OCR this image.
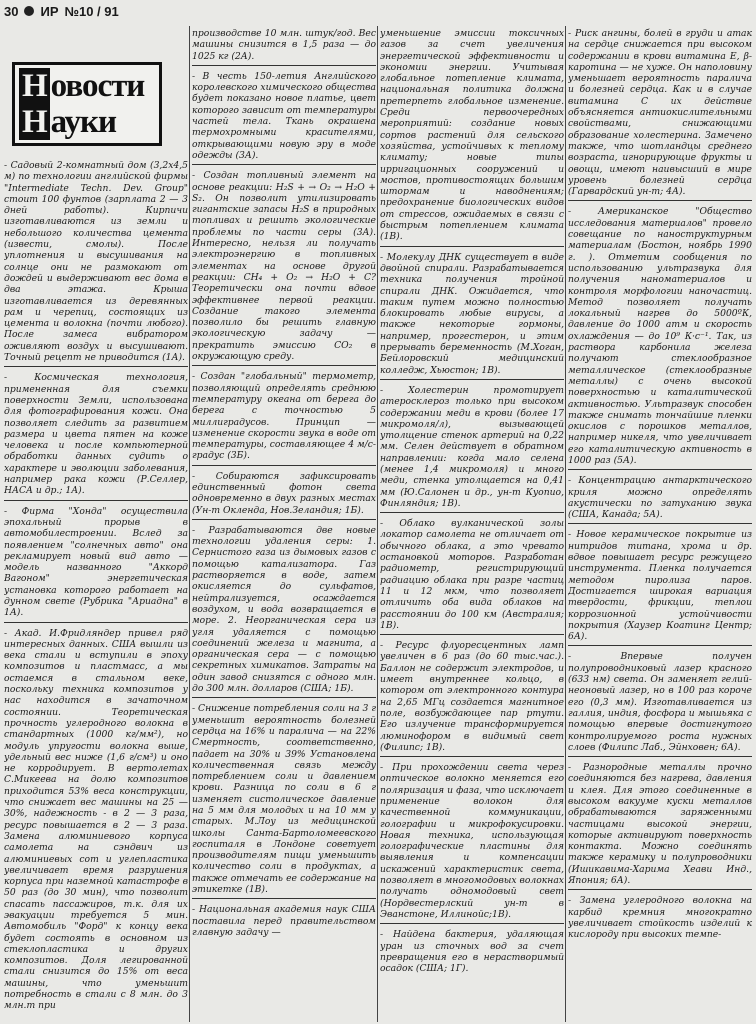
30 ИР №10 / 91
Н овости
Н ауки

- Садовый 2-комнатный дом (3,2х4,5 м) по технологии английской фирмы "Intermediate Techn. Dev. Group" стоит 100 фунтов (зарплата 2 — 3 дней работы). Кирпичи изготавливаются из земли и небольшого количества цемента (извести, смолы). После уплотнения и высушивания на солнце они не размокают от дождей и выдерживают вес дома в два этажа. Крыша изготавливается из деревянных рам и черепиц, состоящих из цемента и волокна (почти любого). После замеса вибратором оживляют воздух и высушивают. Точный рецепт не приводится (1А).

- Космическая технология, примененная для съемки поверхности Земли, использована для фотографирования кожи. Она позволяет следить за развитием размера и цвета пятен на коже человека и после компьютерной обработки данных судить о характере и эволюции заболевания, например рака кожи (Р.Селлер, НАСА и др.; 1А).

- Фирма "Хонда" осуществила эпохальный прорыв в автомобилестроении. Вслед за появлением "солнечных авто" она рекламирует новый вид авто — модель названного "Аккорд Вагоном" энергетическая установка которого работает на дунном свете (Рубрика "Ариадна" в 1А).

- Акад. И.Фридляндер привел ряд интересных данных. США вышли из века стали и вступили в эпоху композитов и пластмасс, а мы остаемся в стальном веке, поскольку техника композитов у нас находится в зачаточном состоянии. Теоретическая прочность углеродного волокна в стандартных (1000 кг/мм²), но модуль упругости волокна выше, удельный вес ниже (1,6 г/см³) и оно не корродирует. В вертолетах С.Микеева на долю композитов приходится 53% веса конструкции, что снижает вес машины на 25 — 30%, надежность - в 2 — 3 раза, ресурс повышается в 2 — 3 раза. Замена алюминиевого корпуса самолета на сэндвич из алюминиевых сот и углепластика увеличивает время разрушения корпуса при наземной катастрофе в 50 раз (до 30 мин), что позволит спасать пассажиров, т.к. для их эвакуации требуется 5 мин. Автомобиль "Форд" к концу века будет состоять в основном из стеклопластика и других композитов. Доля легированной стали снизится до 15% от веса машины, что уменьшит потребность в стали с 8 млн. до 3 млн.т при

производстве 10 млн. штук/год. Вес машины снизится в 1,5 раза — до 1025 кг (2А).

- В честь 150-летия Английского королевского химического общества будет показано новое платье, цвет которого зависит от температуры частей тела. Ткань окрашена термохромными красителями, открывающими новую эру в моде одежды (3А).

- Создан топливный элемент на основе реакции: H₂S + → O₂ → H₂O + S₂. Он позволит утилизировать гигантские запасы H₂S в природных топливах и решить экологические проблемы по части серы (3А). Интересно, нельзя ли получать электроэнергию в топливных элементах на основе другой реакции: CH₄ + O₂ → H₂O + C? Теоретически она почти вдвое эффективнее первой реакции. Создание такого элемента позволило бы решить главную экологическую задачу — прекратить эмиссию CO₂ в окружающую среду.

- Создан "глобальный" термометр, позволяющий определять среднюю температуру океана от берега до берега с точностью 5 миллиградусов. Принцип — изменение скорости звука в воде от температуры, составляющее 4 м/с-градус (3Б).

- Собираются зафиксировать единственный фотон света одновременно в двух разных местах (Ун-т Окленда, Нов.Зеландия; 1Б).

- Разрабатываются две новые технологии удаления серы: 1. Сернистого газа из дымовых газов с помощью катализатора. Газ растворяется в воде, затем окисляется до сульфатов, нейтрализуется, осаждается воздухом, и вода возвращается в море. 2. Неорганическая сера из угля удаляется с помощью соединений железа и магнита, а органическая сера — с помощью секретных химикатов. Затраты на один завод снизятся с одного млн. до 300 млн. долларов (США; 1Б).

- Снижение потребления соли на 3 г уменьшит вероятность болезней сердца на 16% и паралича — на 22% Смертность, соответственно, падает на 30% и 39% Установлена количественная связь между потреблением соли и давлением крови. Разница по соли в 6 г изменяет систолическое давление на 5 мм для молодых и на 10 мм у старых. М.Лоу из медицинской школы Санта-Бартоломеевского госпиталя в Лондоне советует производителям пищи уменьшить количество соли в продуктах, а также отмечать ее содержание на этикетке (1В).

- Национальная академия наук США поставила перед правительством главную задачу —

уменьшение эмиссии токсичных газов за счет увеличения энергетической эффективности и экономии энергии. Учитывая глобальное потепление климата, национальная политика должна претерпеть глобальное изменение. Среди первоочередных мероприятий: создание новых сортов растений для сельского хозяйства, устойчивых к теплому климату; новые типы ирригационных сооружений и мостов, противостоящих большим штормам и наводнениям; предохранение биологических видов от стрессов, ожидаемых в связи с быстрым потеплением климата (1В).

- Молекулу ДНК существует в виде двойной спирали. Разрабатывается техника получения тройной спирали ДНК. Ожидается, что таким путем можно полностью блокировать любые вирусы, а также некоторые гормоны, например, прогестерон, и этим прерывать беременность (М.Хоган, Бейлоровский медицинский колледж, Хьюстон; 1В).

- Холестерин промотирует атеросклероз только при высоком содержании меди в крови (более 17 микромоля/л), вызывающей утолщение стенок артерий на 0,22 мм. Селен действует в обратном направлении: когда мало селена (менее 1,4 микромоля) и много меди, стенка утолщается на 0,41 мм (Ю.Салонен и др., ун-т Куопио, Финляндия; 1В).

- Облако вулканической золы локатор самолета не отличает от обычного облака, а это чревато остановкой моторов. Разработан радиометр, регистрирующий радиацию облака при разре частиц 11 и 12 мкм, что позволяет отличить оба вида облаков на расстоянии до 100 км (Австралия; 1В).

- Ресурс флуоресцентных ламп увеличен в 6 раз (до 60 тыс.час.). Баллон не содержит электродов, и имеет внутреннее кольцо, в котором от электронного контура на 2,65 МГц создается магнитное поле, возбуждающее пар ртути. Его излучение трансформируется люминофором в видимый свет (Филипс; 1В).

- При прохождении света через оптическое волокно меняется его поляризация и фаза, что исключает применение волокон для качественной коммуникации, голографии и микрофокусировки. Новая техника, использующая голографические пластины для выявления и компенсации искажений характеристик света, позволяет в многомодовых волокнах получать одномодовый свет (Нордвестерлский ун-т в Эванстоне, Иллинойс;1В).

- Найдена бактерия, удаляющая уран из сточных вод за счет превращения его в нерастворимый осадок (США; 1Г).

- Риск ангины, болей в груди и атак на сердце снижается при высоком содержании в крови витамина Е, β-каротина — не хуже. Он наполовину уменьшает вероятность паралича и болезней сердца. Как и в случае витамина С их действие объясняется антиокислительными свойствами, снижающими образование холестерина. Замечено также, что шотландцы среднего возраста, игнорирующие фрукты и овощи, имеют наивысший в мире уровень болезней сердца (Гарвардский ун-т; 4А).

- Американское "Общество исследования материалов" провело совещание по наноструктурным материалам (Бостон, ноябрь 1990 г. ). Отметим сообщения по использованию ультразвука для получения наноматериалов и контроля морфологии наночастиц. Метод позволяет получать локальный нагрев до 5000ºК, давление до 1000 атм и скорость охлаждения — до 10⁹ К·с⁻¹. Так, из раствора карбонила железа получают стеклообразное металлическое (стеклообразные металлы) с очень высокой поверхностью и каталитической активностью. Ультразвук способен также снимать тончайшие пленки окислов с порошков металлов, например никеля, что увеличивает его каталитическую активность в 1000 раз (5А).

- Концентрацию антарктического криля можно определять акустически по затуханию звука (США, Канада; 5А).

- Новое керамическое покрытие из нитридов титана, хрома и др. вдвое повышает ресурс режущего инструмента. Пленка получается методом пиролиза паров. Достигается широкая вариация твердости, фрикции, теплои коррозионной устойчивости покрытия (Хаузер Коатинг Центр; 6А).

- Впервые получен полупроводниковый лазер красного (633 нм) света. Он заменяет гелий-неоновый лазер, но в 100 раз короче его (0,3 мм). Изготавливается из галлия, индия, фосфора и мышьяка с помощью впервые достигнутого контролируемого роста нужных слоев (Филипс Лаб., Эйнховен; 6А).

- Разнородные металлы прочно соединяются без нагрева, давления и клея. Для этого соединенные в высоком вакууме куски металлов обрабатываются заряженными частицами высокой энергии, которые активируют поверхность контакта. Можно соединять также керамику и полупроводники (Ишикавима-Харима Хеави Инд., Япония; 6А).

- Замена углеродного волокна на карбид кремния многократно увеличивает стойкость изделий к кислороду при высоких темпе-
